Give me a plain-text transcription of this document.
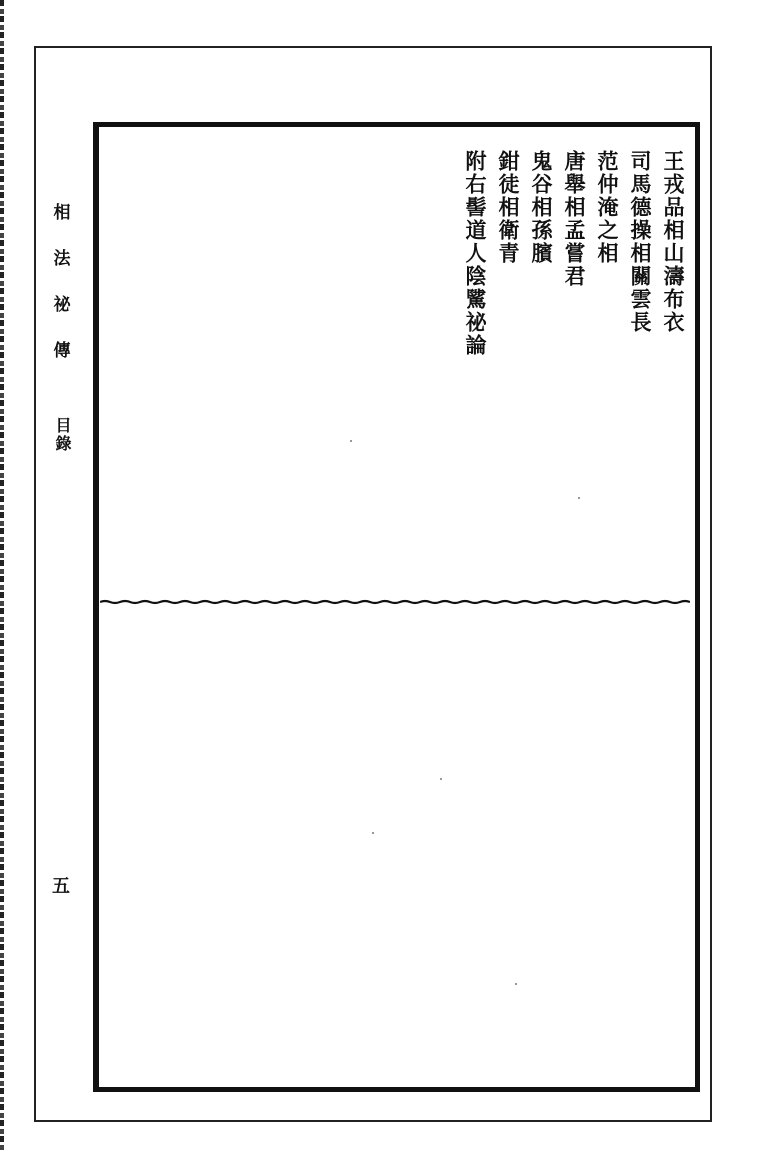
相
法
祕
傳
目錄
五
王戎品相山濤布衣
司馬德操相關雲長
范仲淹之相
唐舉相孟嘗君
鬼谷相孫臏
鉗徒相衛青
附右髻道人陰騭祕論
